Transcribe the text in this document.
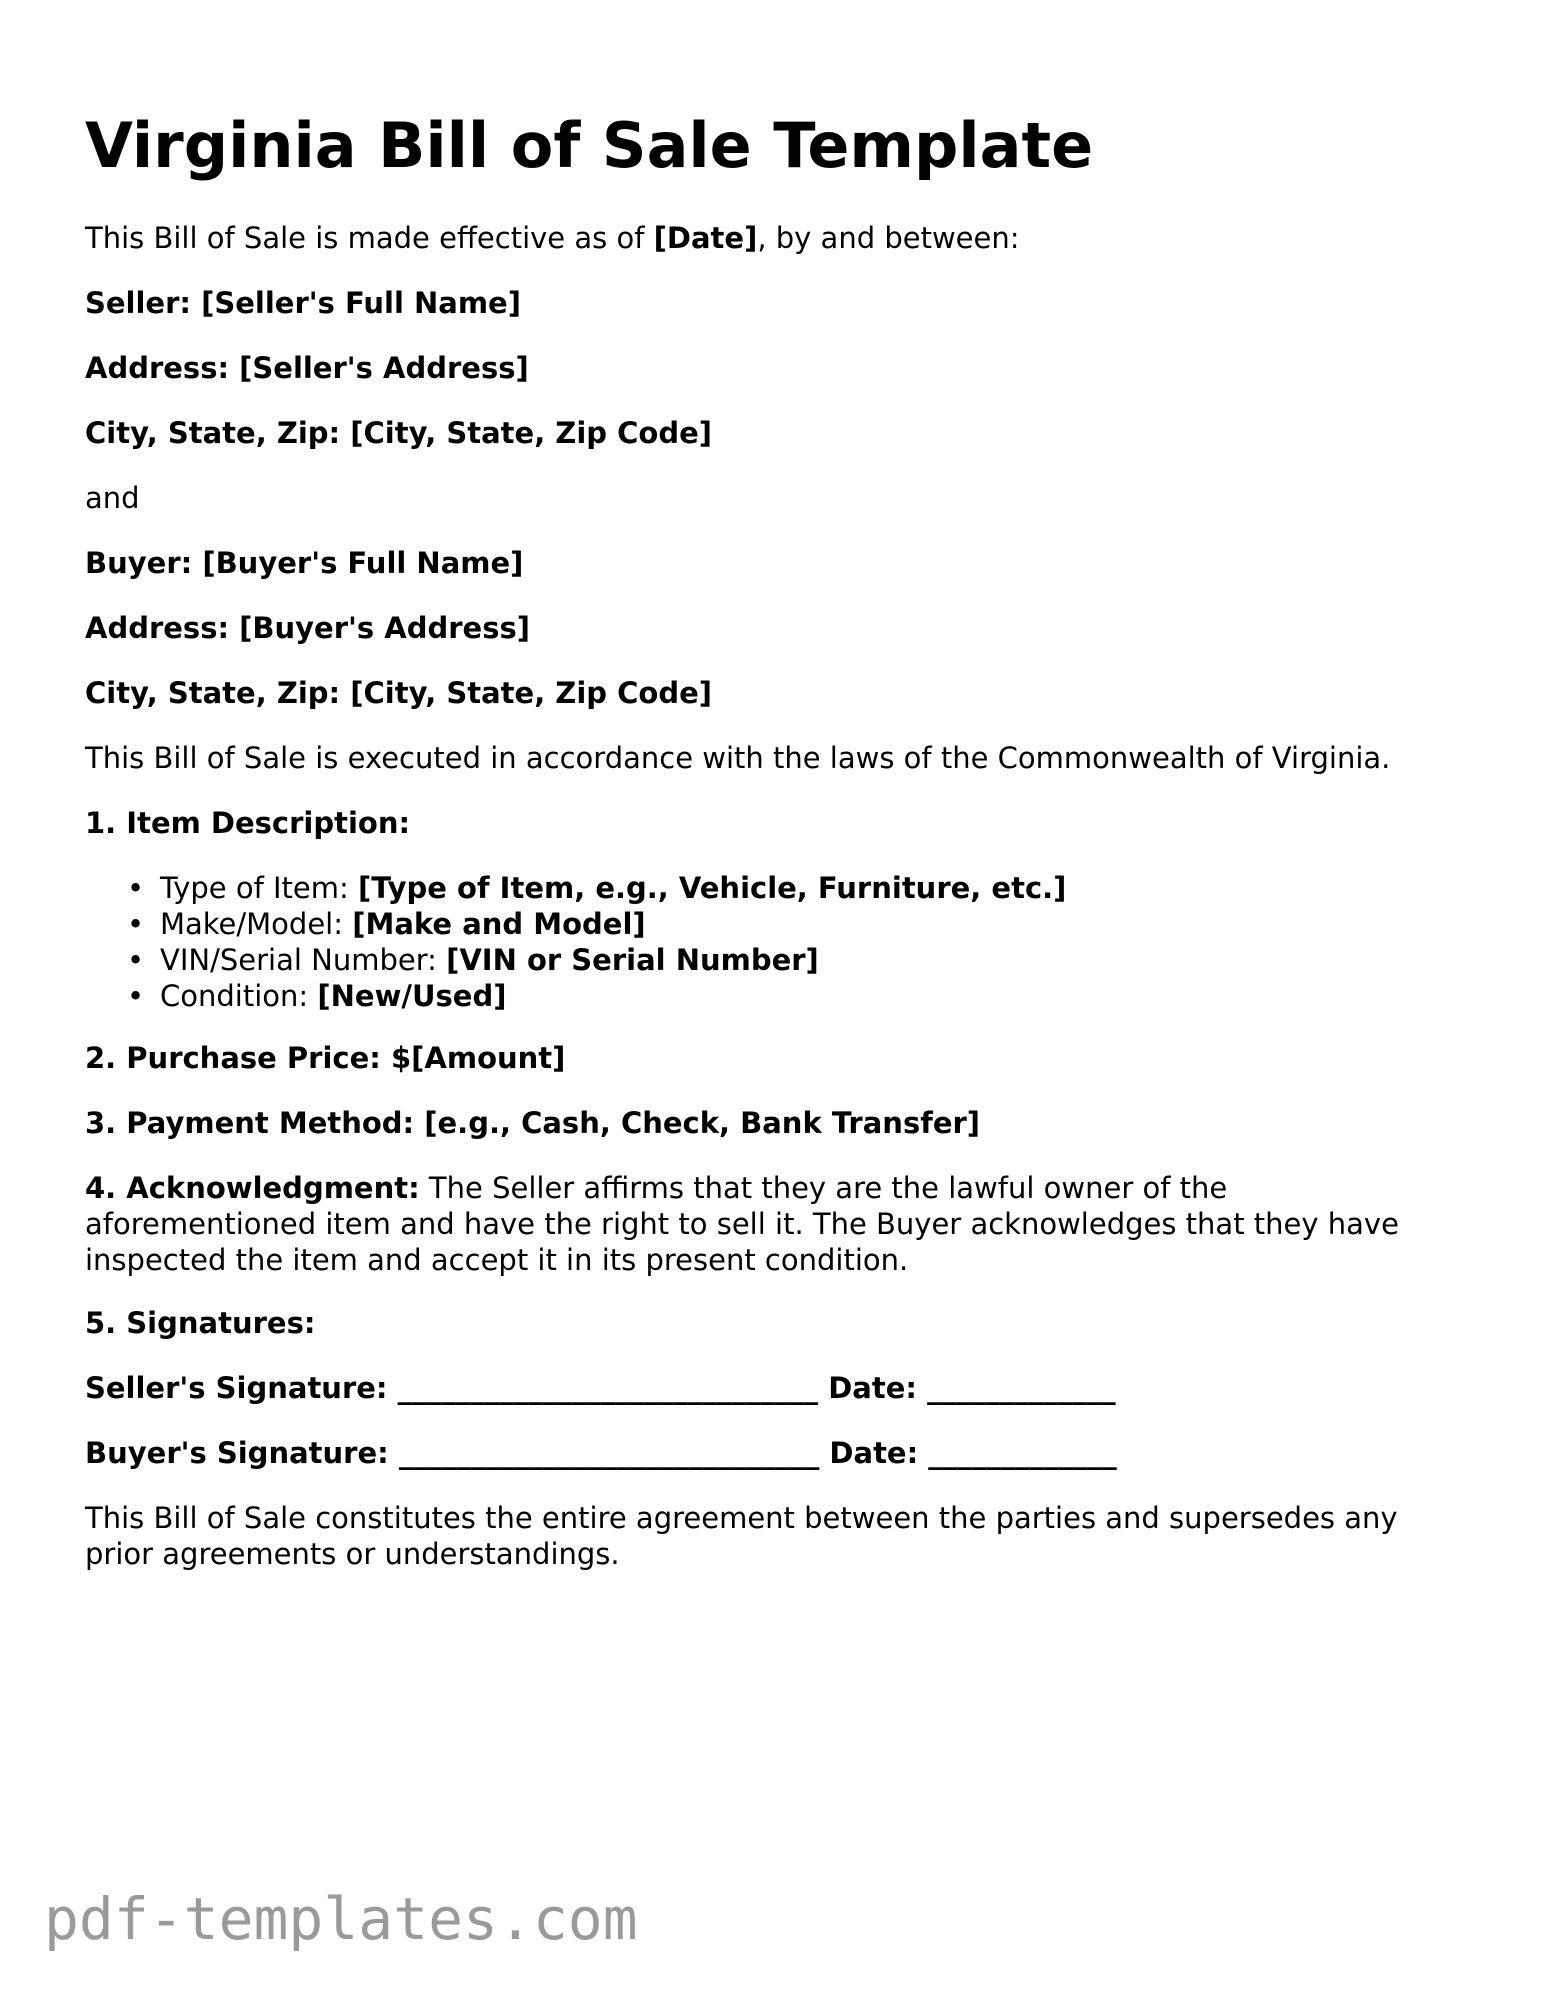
Virginia Bill of Sale Template
This Bill of Sale is made effective as of [Date], by and between:
Seller: [Seller's Full Name]
Address: [Seller's Address]
City, State, Zip: [City, State, Zip Code]
and
Buyer: [Buyer's Full Name]
Address: [Buyer's Address]
City, State, Zip: [City, State, Zip Code]
This Bill of Sale is executed in accordance with the laws of the Commonwealth of Virginia.
1. Item Description:
• Type of Item: [Type of Item, e.g., Vehicle, Furniture, etc.]
• Make/Model: [Make and Model]
• VIN/Serial Number: [VIN or Serial Number]
• Condition: [New/Used]
2. Purchase Price: $[Amount]
3. Payment Method: [e.g., Cash, Check, Bank Transfer]
4. Acknowledgment: The Seller affirms that they are the lawful owner of the aforementioned item and have the right to sell it. The Buyer acknowledges that they have inspected the item and accept it in its present condition.
5. Signatures:
Seller's Signature: _____________________________ Date: _____________
Buyer's Signature: _____________________________ Date: _____________
This Bill of Sale constitutes the entire agreement between the parties and supersedes any prior agreements or understandings.
pdf-templates.com
